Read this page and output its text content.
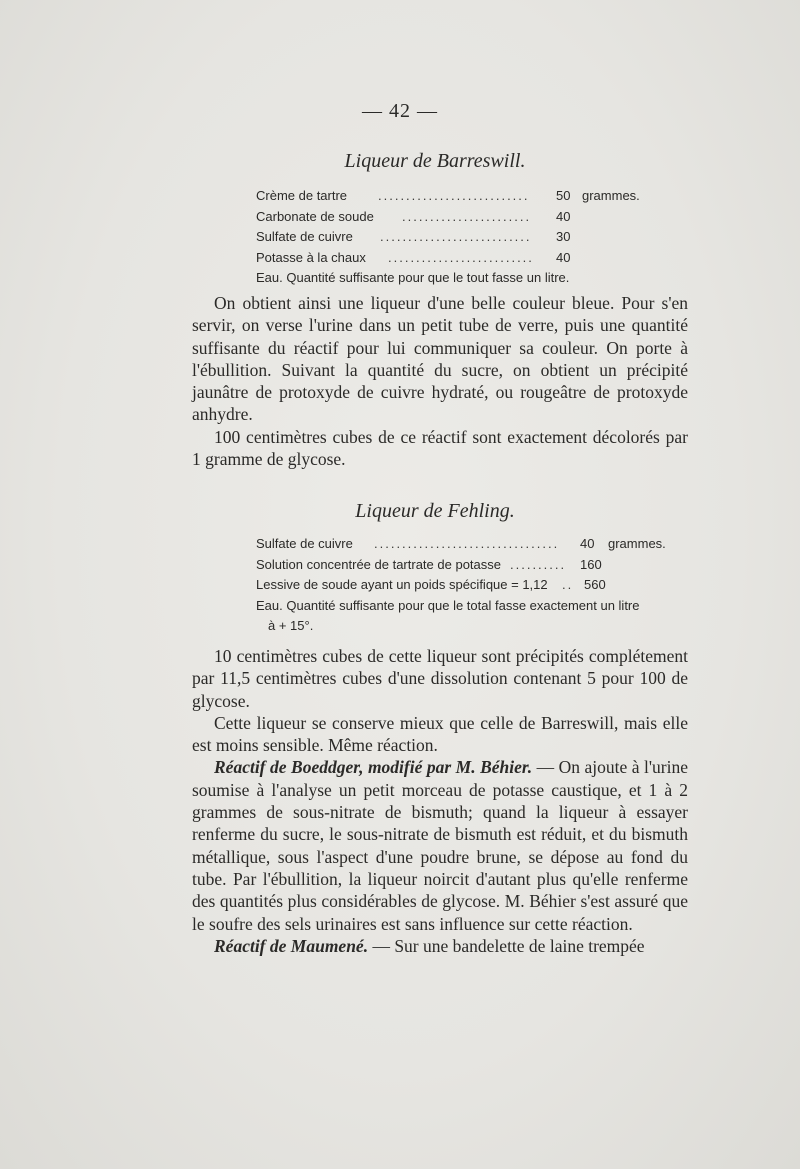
— 42 —
Liqueur de Barreswill.
Crème de tartre ...........................	50 grammes.
Carbonate de soude .......................	40
Sulfate de cuivre ...........................	30
Potasse à la chaux ..........................	40
Eau. Quantité suffisante pour que le tout fasse un litre.

On obtient ainsi une liqueur d'une belle couleur bleue. Pour s'en servir, on verse l'urine dans un petit tube de verre, puis une quantité suffisante du réactif pour lui communiquer sa couleur. On porte à l'ébullition. Suivant la quantité du sucre, on obtient un précipité jaunâtre de protoxyde de cuivre hydraté, ou rougeâtre de protoxyde anhydre.

100 centimètres cubes de ce réactif sont exactement décolorés par 1 gramme de glycose.

Liqueur de Fehling.
Sulfate de cuivre .................................	40 grammes.
Solution concentrée de tartrate de potasse ..........	160
Lessive de soude ayant un poids spécifique = 1,12 .. 560
Eau. Quantité suffisante pour que le total fasse exactement un litre
à + 15°.

10 centimètres cubes de cette liqueur sont précipités complétement par 11,5 centimètres cubes d'une dissolution contenant 5 pour 100 de glycose.

Cette liqueur se conserve mieux que celle de Barreswill, mais elle est moins sensible. Même réaction.

Réactif de Boeddger, modifié par M. Béhier. — On ajoute à l'urine soumise à l'analyse un petit morceau de potasse caustique, et 1 à 2 grammes de sous-nitrate de bismuth; quand la liqueur à essayer renferme du sucre, le sous-nitrate de bismuth est réduit, et du bismuth métallique, sous l'aspect d'une poudre brune, se dépose au fond du tube. Par l'ébullition, la liqueur noircit d'autant plus qu'elle renferme des quantités plus considérables de glycose. M. Béhier s'est assuré que le soufre des sels urinaires est sans influence sur cette réaction.

Réactif de Maumené. — Sur une bandelette de laine trempée
